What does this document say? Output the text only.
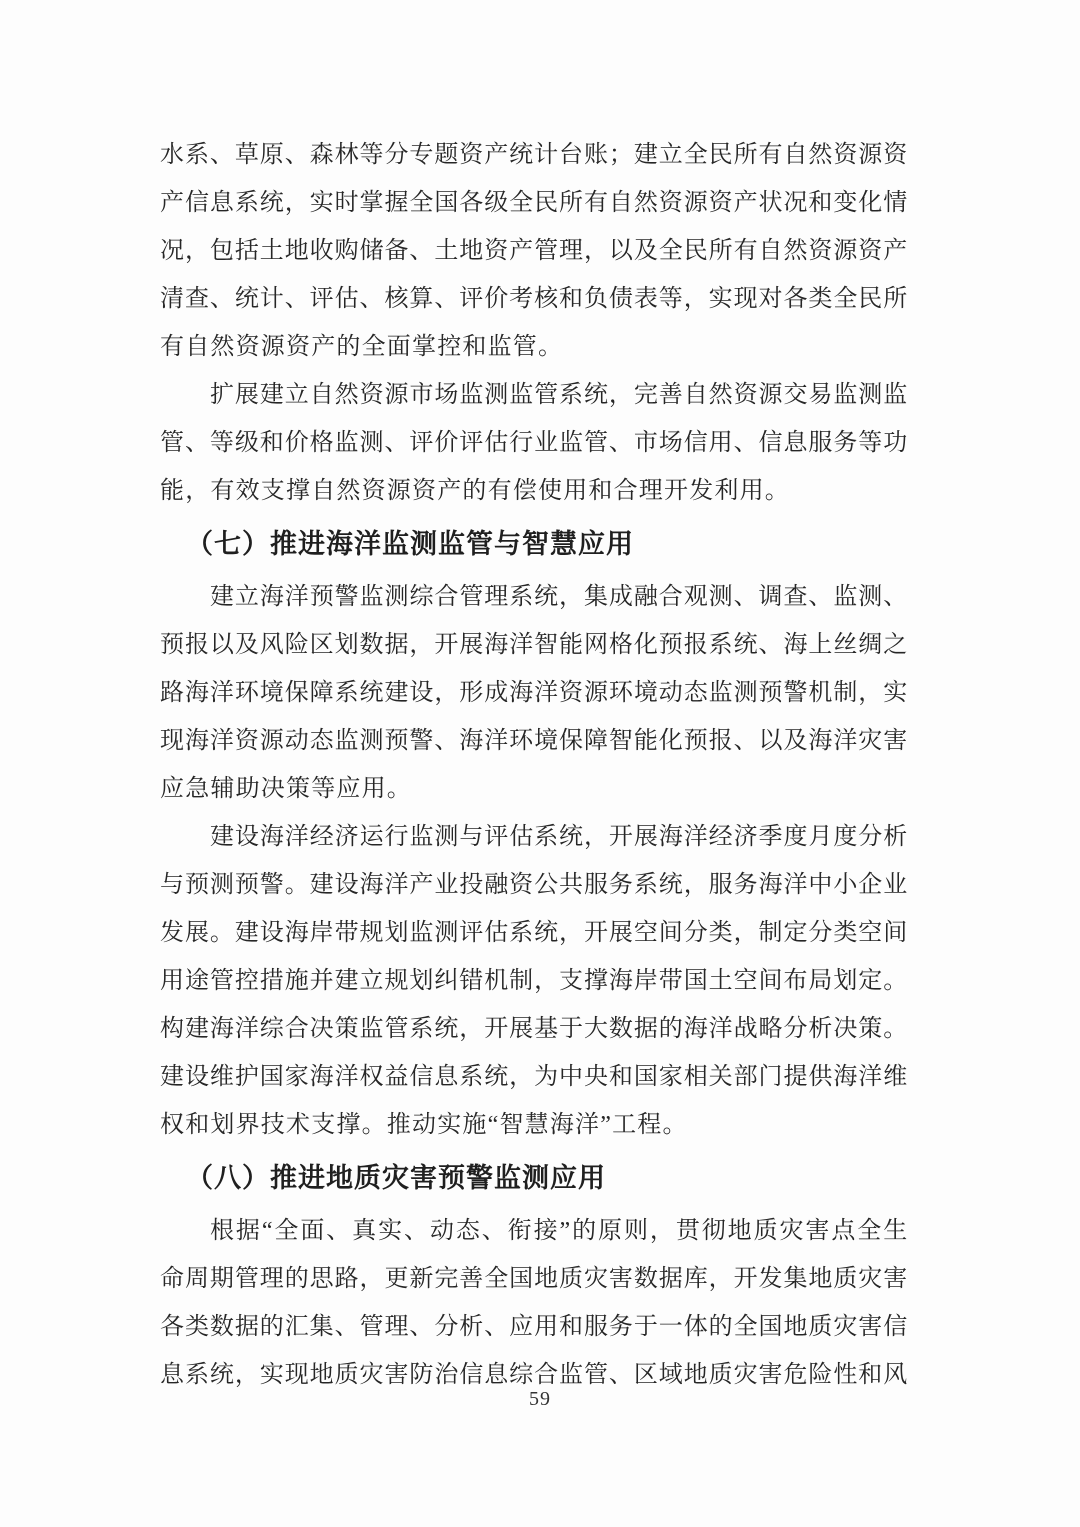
水系、草原、森林等分专题资产统计台账；建立全民所有自然资源资
产信息系统，实时掌握全国各级全民所有自然资源资产状况和变化情
况，包括土地收购储备、土地资产管理，以及全民所有自然资源资产
清查、统计、评估、核算、评价考核和负债表等，实现对各类全民所
有自然资源资产的全面掌控和监管。
扩展建立自然资源市场监测监管系统，完善自然资源交易监测监
管、等级和价格监测、评价评估行业监管、市场信用、信息服务等功
能，有效支撑自然资源资产的有偿使用和合理开发利用。
（七）推进海洋监测监管与智慧应用
建立海洋预警监测综合管理系统，集成融合观测、调查、监测、
预报以及风险区划数据，开展海洋智能网格化预报系统、海上丝绸之
路海洋环境保障系统建设，形成海洋资源环境动态监测预警机制，实
现海洋资源动态监测预警、海洋环境保障智能化预报、以及海洋灾害
应急辅助决策等应用。
建设海洋经济运行监测与评估系统，开展海洋经济季度月度分析
与预测预警。建设海洋产业投融资公共服务系统，服务海洋中小企业
发展。建设海岸带规划监测评估系统，开展空间分类，制定分类空间
用途管控措施并建立规划纠错机制，支撑海岸带国土空间布局划定。
构建海洋综合决策监管系统，开展基于大数据的海洋战略分析决策。
建设维护国家海洋权益信息系统，为中央和国家相关部门提供海洋维
权和划界技术支撑。推动实施“智慧海洋”工程。
（八）推进地质灾害预警监测应用
根据“全面、真实、动态、衔接”的原则，贯彻地质灾害点全生
命周期管理的思路，更新完善全国地质灾害数据库，开发集地质灾害
各类数据的汇集、管理、分析、应用和服务于一体的全国地质灾害信
息系统，实现地质灾害防治信息综合监管、区域地质灾害危险性和风
59
